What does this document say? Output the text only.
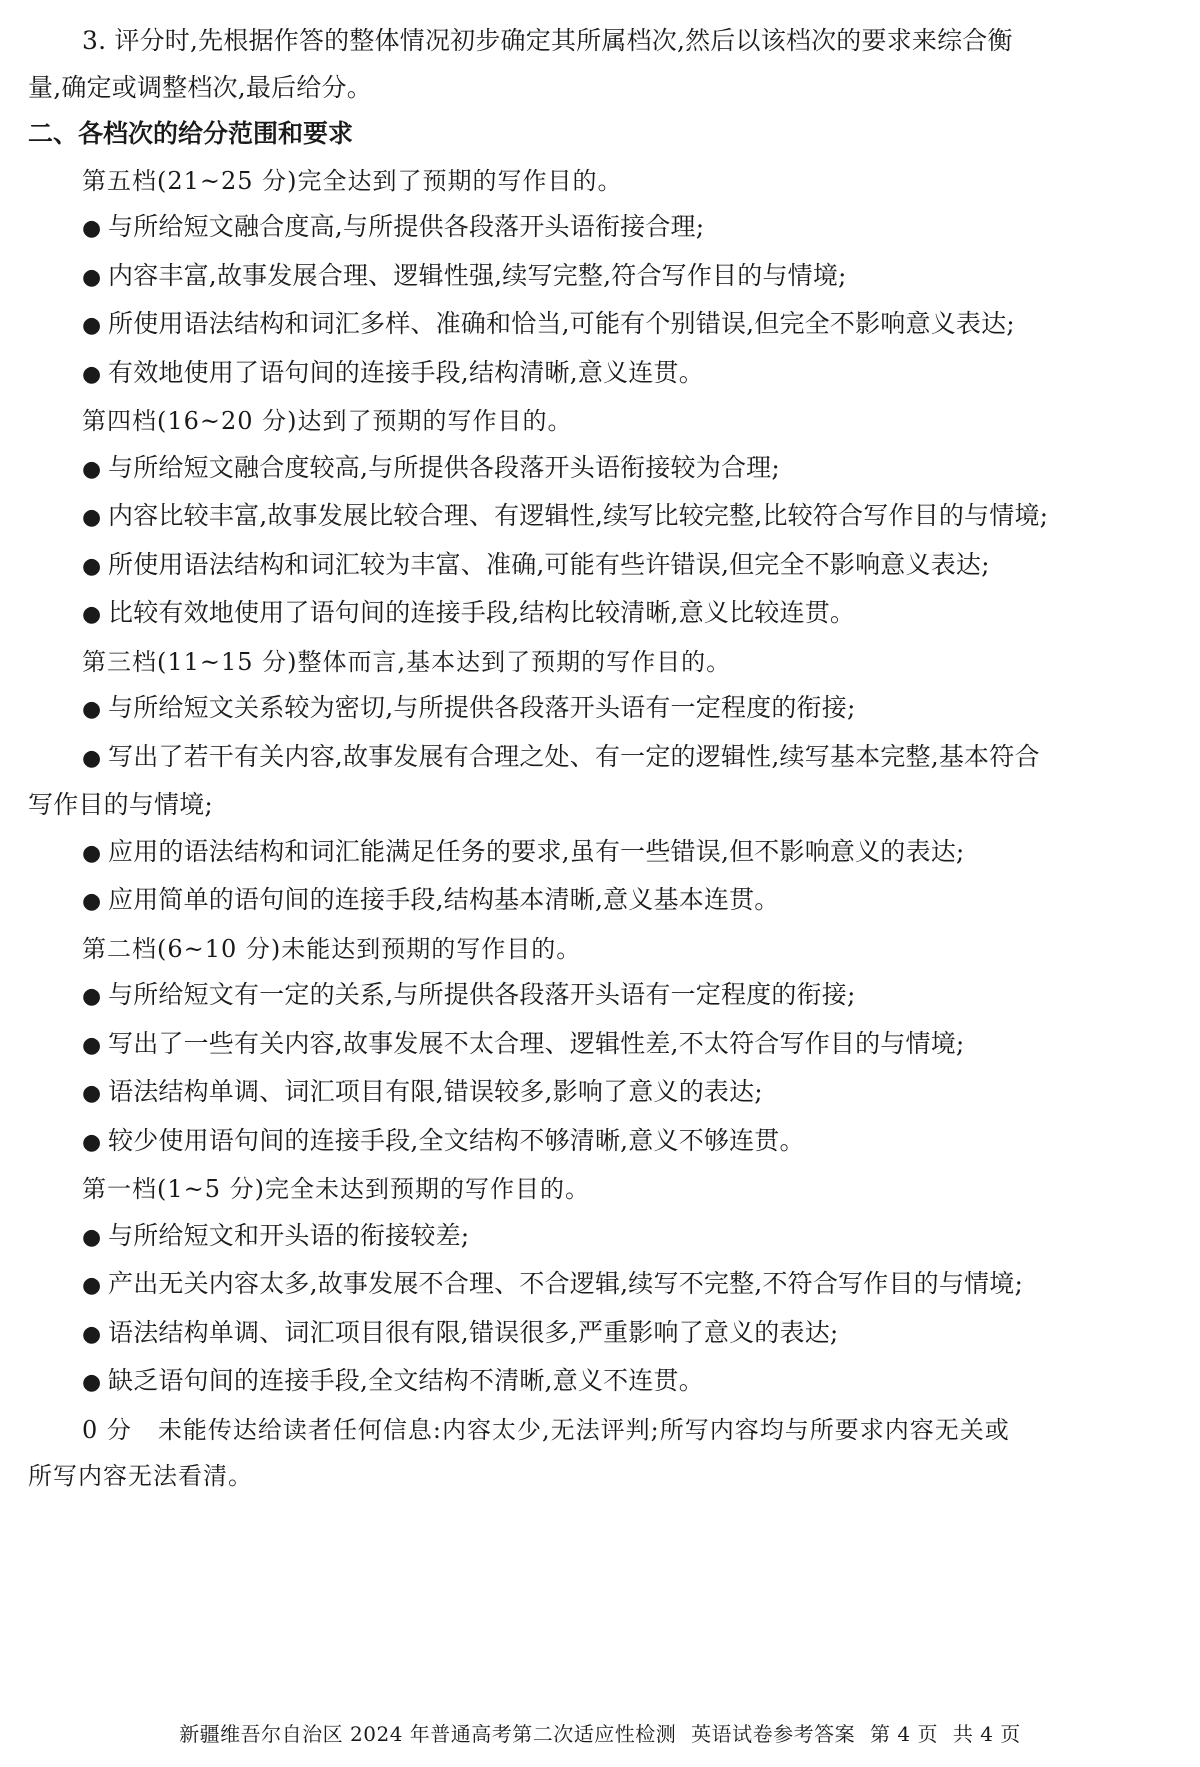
3. 评分时,先根据作答的整体情况初步确定其所属档次,然后以该档次的要求来综合衡
量,确定或调整档次,最后给分。
二、各档次的给分范围和要求
第五档(21~25 分)完全达到了预期的写作目的。
● 与所给短文融合度高,与所提供各段落开头语衔接合理;
● 内容丰富,故事发展合理、逻辑性强,续写完整,符合写作目的与情境;
● 所使用语法结构和词汇多样、准确和恰当,可能有个别错误,但完全不影响意义表达;
● 有效地使用了语句间的连接手段,结构清晰,意义连贯。
第四档(16~20 分)达到了预期的写作目的。
● 与所给短文融合度较高,与所提供各段落开头语衔接较为合理;
● 内容比较丰富,故事发展比较合理、有逻辑性,续写比较完整,比较符合写作目的与情境;
● 所使用语法结构和词汇较为丰富、准确,可能有些许错误,但完全不影响意义表达;
● 比较有效地使用了语句间的连接手段,结构比较清晰,意义比较连贯。
第三档(11~15 分)整体而言,基本达到了预期的写作目的。
● 与所给短文关系较为密切,与所提供各段落开头语有一定程度的衔接;
● 写出了若干有关内容,故事发展有合理之处、有一定的逻辑性,续写基本完整,基本符合
写作目的与情境;
● 应用的语法结构和词汇能满足任务的要求,虽有一些错误,但不影响意义的表达;
● 应用简单的语句间的连接手段,结构基本清晰,意义基本连贯。
第二档(6~10 分)未能达到预期的写作目的。
● 与所给短文有一定的关系,与所提供各段落开头语有一定程度的衔接;
● 写出了一些有关内容,故事发展不太合理、逻辑性差,不太符合写作目的与情境;
● 语法结构单调、词汇项目有限,错误较多,影响了意义的表达;
● 较少使用语句间的连接手段,全文结构不够清晰,意义不够连贯。
第一档(1~5 分)完全未达到预期的写作目的。
● 与所给短文和开头语的衔接较差;
● 产出无关内容太多,故事发展不合理、不合逻辑,续写不完整,不符合写作目的与情境;
● 语法结构单调、词汇项目很有限,错误很多,严重影响了意义的表达;
● 缺乏语句间的连接手段,全文结构不清晰,意义不连贯。
0 分 未能传达给读者任何信息:内容太少,无法评判;所写内容均与所要求内容无关或
所写内容无法看清。
新疆维吾尔自治区 2024 年普通高考第二次适应性检测 英语试卷参考答案 第 4 页 共 4 页
